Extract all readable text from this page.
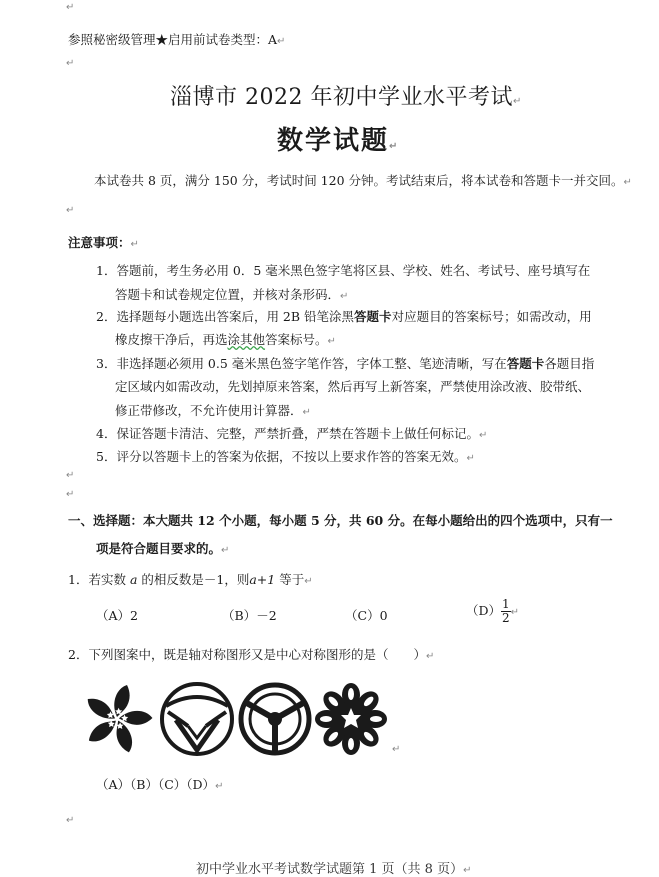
↵
参照秘密级管理★启用前试卷类型：A↵
↵
淄博市 2022 年初中学业水平考试↵
数学试题↵
本试卷共 8 页，满分 150 分，考试时间 120 分钟。考试结束后，将本试卷和答题卡一并交回。↵
↵
注意事项：↵
1．答题前，考生务必用 0．5 毫米黑色签字笔将区县、学校、姓名、考试号、座号填写在
答题卡和试卷规定位置，并核对条形码．↵
2．选择题每小题选出答案后，用 2B 铅笔涂黑答题卡对应题目的答案标号；如需改动，用
橡皮擦干净后，再选涂其他答案标号。↵
3．非选择题必须用 0.5 毫米黑色签字笔作答，字体工整、笔迹清晰，写在答题卡各题目指
定区域内如需改动，先划掉原来答案，然后再写上新答案，严禁使用涂改液、胶带纸、
修正带修改，不允许使用计算器．↵
4．保证答题卡清洁、完整，严禁折叠，严禁在答题卡上做任何标记。↵
5．评分以答题卡上的答案为依据，不按以上要求作答的答案无效。↵
↵
↵
一、选择题：本大题共 12 个小题，每小题 5 分，共 60 分。在每小题给出的四个选项中，只有一
项是符合题目要求的。↵
1．若实数 a 的相反数是－1，则a+1 等于↵
（A）2	（B）－2	（C）0	$(D) \frac{1}{2}$ ↵
2．下列图案中，既是轴对称图形又是中心对称图形的是（　　）↵
↵
（A）（B）（C）（D）↵
↵
初中学业水平考试数学试题第 1 页（共 8 页）↵
